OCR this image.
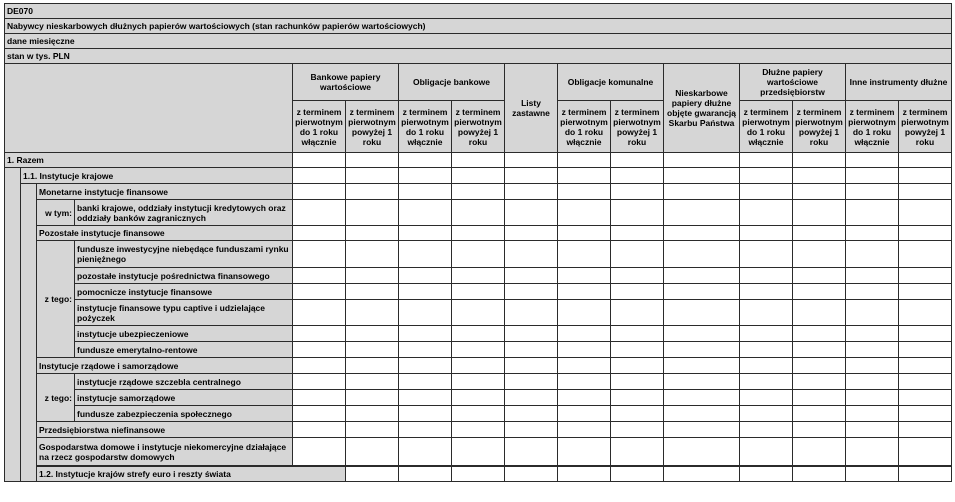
DE070																
Nabywcy nieskarbowych dłużnych papierów wartościowych (stan rachunków papierów wartościowych)																
dane miesięczne																
stan w tys. PLN																
				Bankowe papiery wartościowe		Obligacje bankowe		Listy zastawne	Obligacje komunalne		Nieskarbowe papiery dłużne objęte gwarancją Skarbu Państwa	Dłużne papiery wartościowe przedsiębiorstw		Inne instrumenty dłużne		
				z terminem pierwotnym do 1 roku włącznie	z terminem pierwotnym powyżej 1 roku	z terminem pierwotnym do 1 roku włącznie	z terminem pierwotnym powyżej 1 roku		z terminem pierwotnym do 1 roku włącznie	z terminem pierwotnym powyżej 1 roku		z terminem pierwotnym do 1 roku włącznie	z terminem pierwotnym powyżej 1 roku	z terminem pierwotnym do 1 roku włącznie	z terminem pierwotnym powyżej 1 roku	
1. Razem																
	1.1. Instytucje krajowe															
		Monetarne instytucje finansowe														
		w tym:	banki krajowe, oddziały instytucji kredytowych oraz oddziały banków zagranicznych													
		Pozostałe instytucje finansowe														
		z tego:	fundusze inwestycyjne niebędące funduszami rynku pieniężnego													
			pozostałe instytucje pośrednictwa finansowego													
			pomocnicze instytucje finansowe													
			instytucje finansowe typu captive i udzielające pożyczek													
			instytucje ubezpieczeniowe													
			fundusze emerytalno-rentowe													
		Instytucje rządowe i samorządowe														
		z tego:	instytucje rządowe szczebla centralnego													
			instytucje samorządowe													
			fundusze zabezpieczenia społecznego													
		Przedsiębiorstwa niefinansowe														
		Gospodarstwa domowe i instytucje niekomercyjne działające na rzecz gospodarstw domowych														

		1.2. Instytucje krajów strefy euro i reszty świata														
